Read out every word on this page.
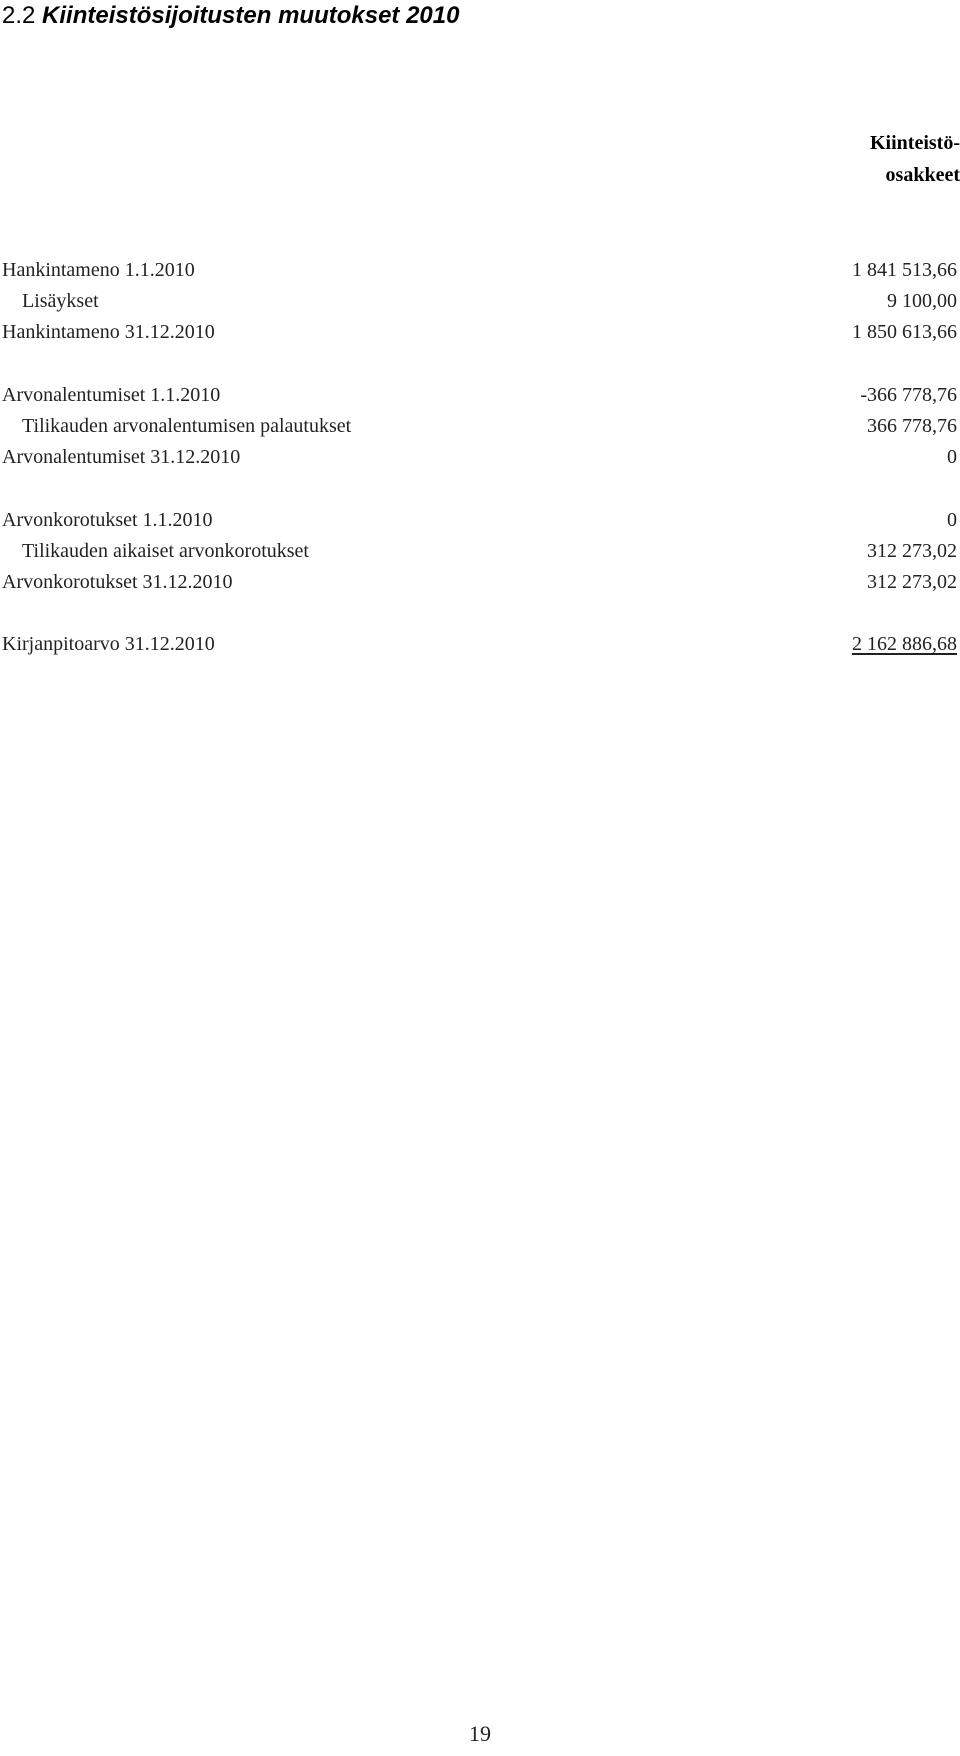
2.2 Kiinteistösijoitusten muutokset 2010
Kiinteistö-
osakkeet
Hankintameno 1.1.2010	1 841 513,66
Lisäykset	9 100,00
Hankintameno 31.12.2010	1 850 613,66
Arvonalentumiset 1.1.2010	-366 778,76
Tilikauden arvonalentumisen palautukset	366 778,76
Arvonalentumiset 31.12.2010	0
Arvonkorotukset 1.1.2010	0
Tilikauden aikaiset arvonkorotukset	312 273,02
Arvonkorotukset 31.12.2010	312 273,02
Kirjanpitoarvo 31.12.2010	2 162 886,68
19
